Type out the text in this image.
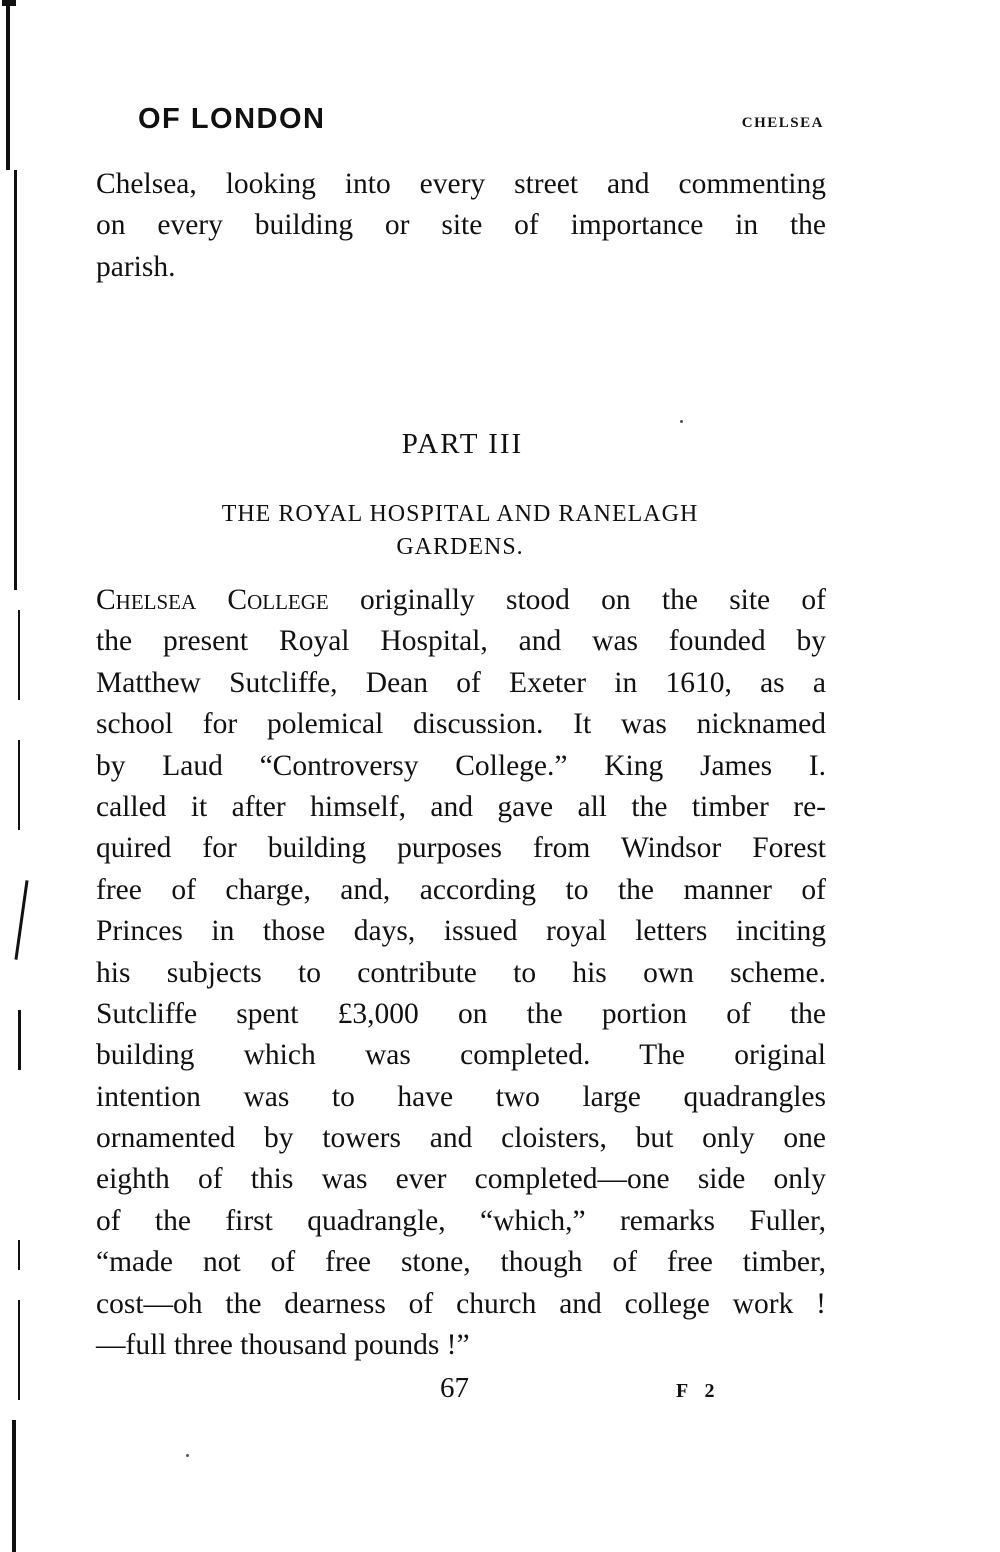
OF LONDON	CHELSEA
Chelsea, looking into every street and commenting
on every building or site of importance in the
parish.
PART III
THE ROYAL HOSPITAL AND RANELAGH
GARDENS.
Chelsea College originally stood on the site of
the present Royal Hospital, and was founded by
Matthew Sutcliffe, Dean of Exeter in 1610, as a
school for polemical discussion. It was nicknamed
by Laud “Controversy College.” King James I.
called it after himself, and gave all the timber re-
quired for building purposes from Windsor Forest
free of charge, and, according to the manner of
Princes in those days, issued royal letters inciting
his subjects to contribute to his own scheme.
Sutcliffe spent £3,000 on the portion of the
building which was completed. The original
intention was to have two large quadrangles
ornamented by towers and cloisters, but only one
eighth of this was ever completed—one side only
of the first quadrangle, “which,” remarks Fuller,
“made not of free stone, though of free timber,
cost—oh the dearness of church and college work !
—full three thousand pounds !”
67	F 2
